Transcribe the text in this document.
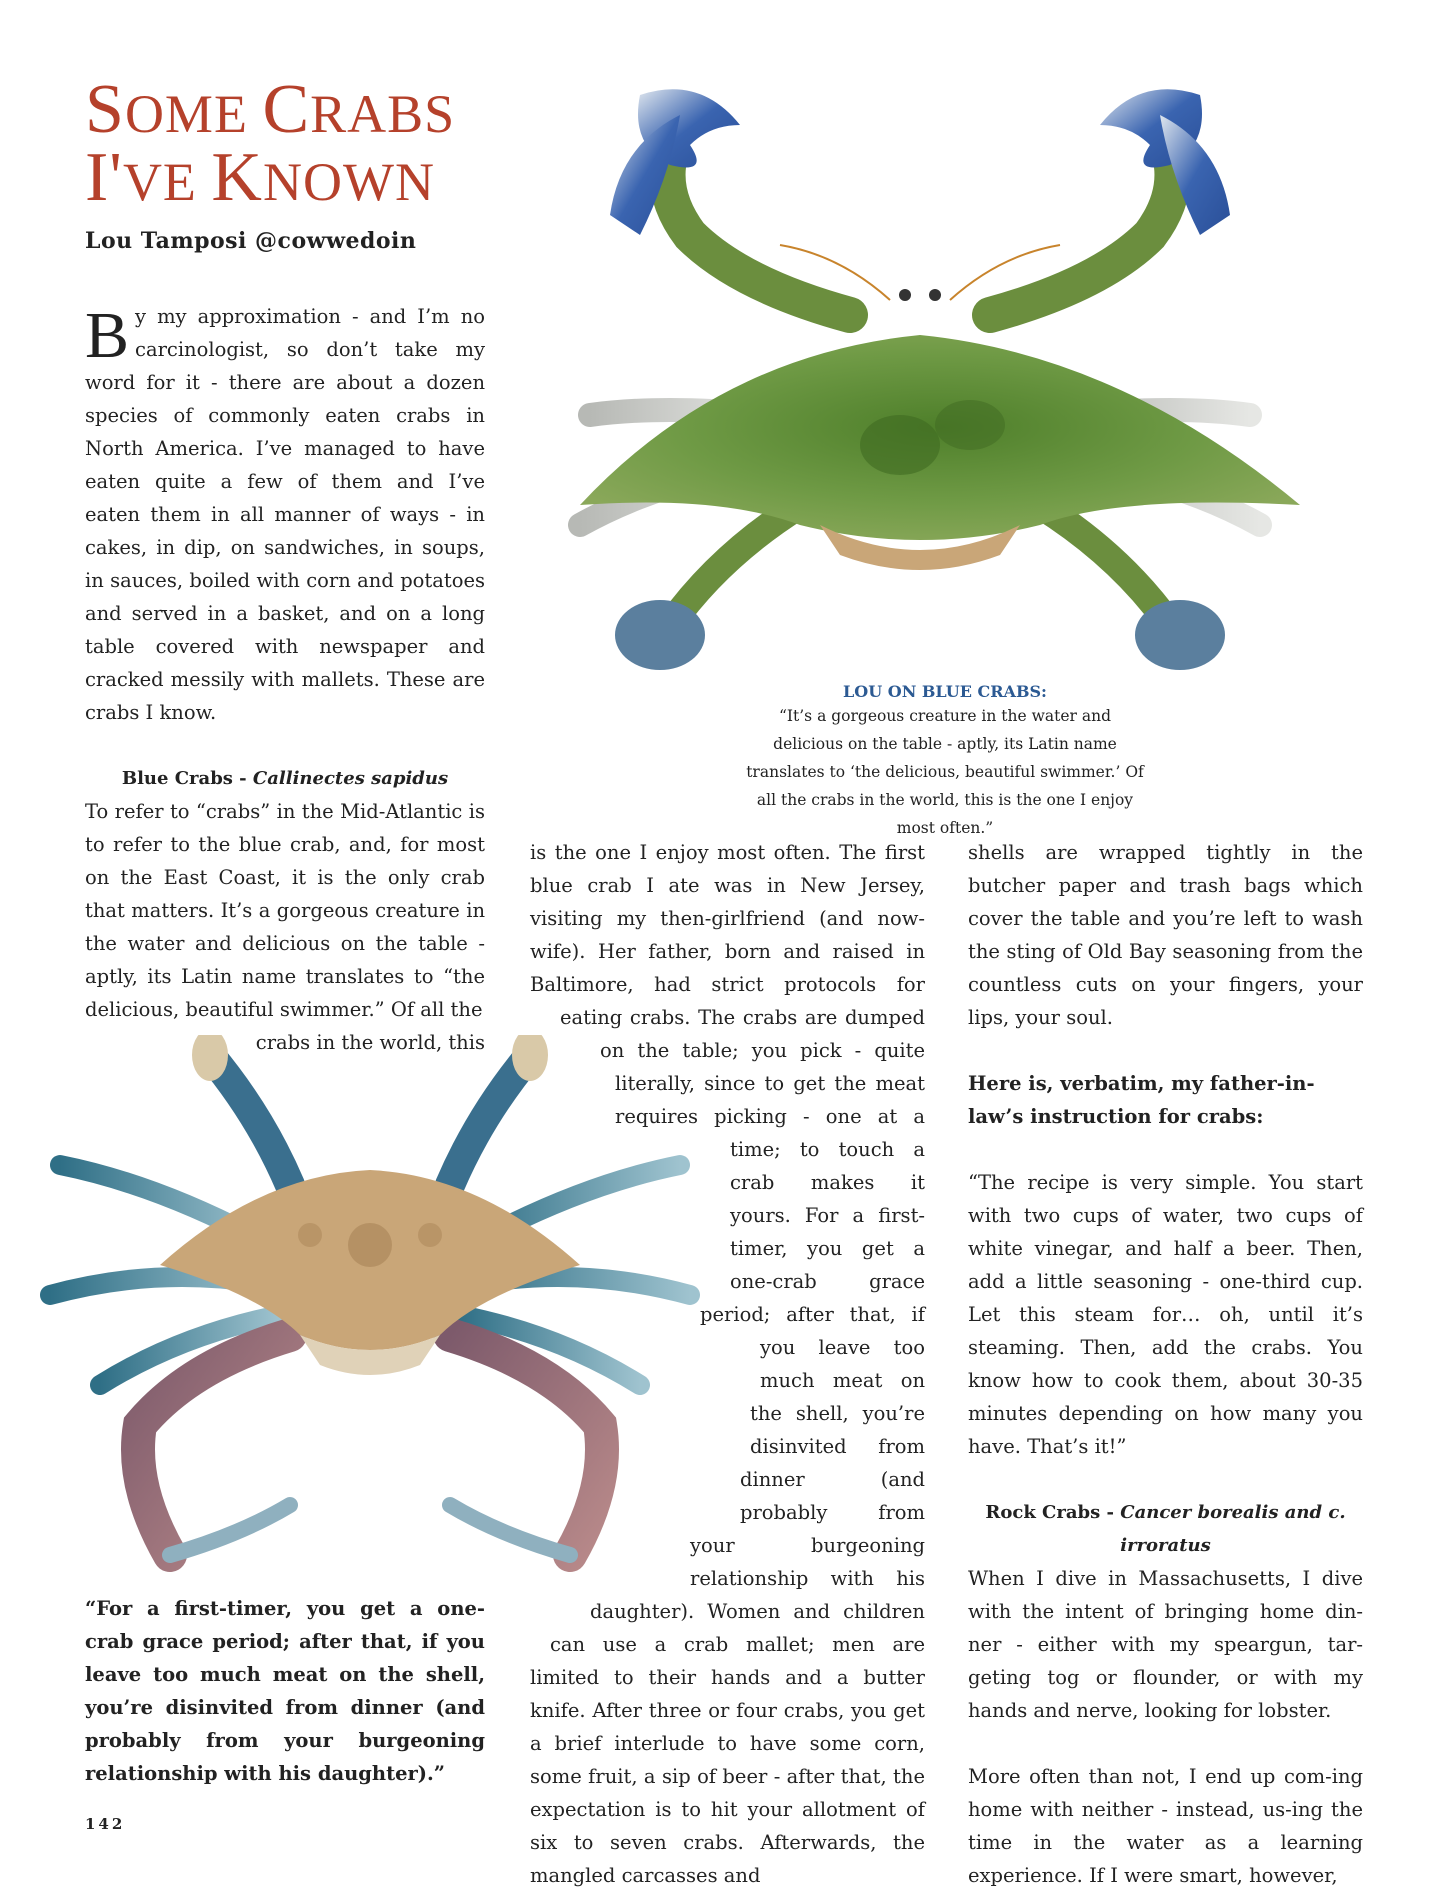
SOME CRABS
I'VE KNOWN
Lou Tamposi @cowwedoin
LOU ON BLUE CRABS:
“It’s a gorgeous creature in the water and delicious on the table - aptly, its Latin name translates to ‘the delicious, beautiful swimmer.’ Of all the crabs in the world, this is the one I enjoy most often.”

By my approximation - and I’m no carcinologist, so don’t take my word for it - there are about a dozen species of commonly eaten crabs in North America. I’ve managed to have eaten quite a few of them and I’ve eaten them in all manner of ways - in cakes, in dip, on sandwiches, in soups, in sauces, boiled with corn and potatoes and served in a basket, and on a long table covered with newspaper and cracked messily with mallets. These are crabs I know.

Blue Crabs - Callinectes sapidus

To refer to “crabs” in the Mid-Atlantic is to refer to the blue crab, and, for most on the East Coast, it is the only crab that matters. It’s a gorgeous creature in the water and delicious on the table - aptly, its Latin name translates to “the delicious, beautiful swimmer.” Of all the

crabs in the world, this

“For a first-timer, you get a one-crab grace period; after that, if you leave too much meat on the shell, you’re disinvited from dinner (and probably from your burgeoning relationship with his daughter).”

is the one I enjoy most often. The first blue crab I ate was in New Jersey, visiting my then-girlfriend (and now-wife). Her father, born and raised in Baltimore, had strict protocols for eating crabs. The crabs are dumped on the table; you pick - quite literally, since to get the meat requires picking - one at a time; to touch a crab makes it yours. For a first-timer, you get a one-crab grace period; after that, if you leave too much meat on the shell, you’re disinvited from dinner (and probably from your burgeoning relationship with his daughter). Women and children can use a crab mallet; men are limited to their hands and a butter knife. After three or four crabs, you get a brief interlude to have some corn, some fruit, a sip of beer - after that, the expectation is to hit your allotment of six to seven crabs. Afterwards, the mangled carcasses and

shells are wrapped tightly in the butcher paper and trash bags which cover the table and you’re left to wash the sting of Old Bay seasoning from the countless cuts on your fingers, your lips, your soul.

Here is, verbatim, my father-in-law’s instruction for crabs:

“The recipe is very simple. You start with two cups of water, two cups of white vinegar, and half a beer. Then, add a little seasoning - one-third cup. Let this steam for… oh, until it’s steaming. Then, add the crabs. You know how to cook them, about 30-35 minutes depending on how many you have. That’s it!”

Rock Crabs - Cancer borealis and c. irroratus

When I dive in Massachusetts, I dive with the intent of bringing home din-ner - either with my speargun, tar-geting tog or flounder, or with my hands and nerve, looking for lobster.

More often than not, I end up com-ing home with neither - instead, us-ing the time in the water as a learning experience. If I were smart, however,

142
